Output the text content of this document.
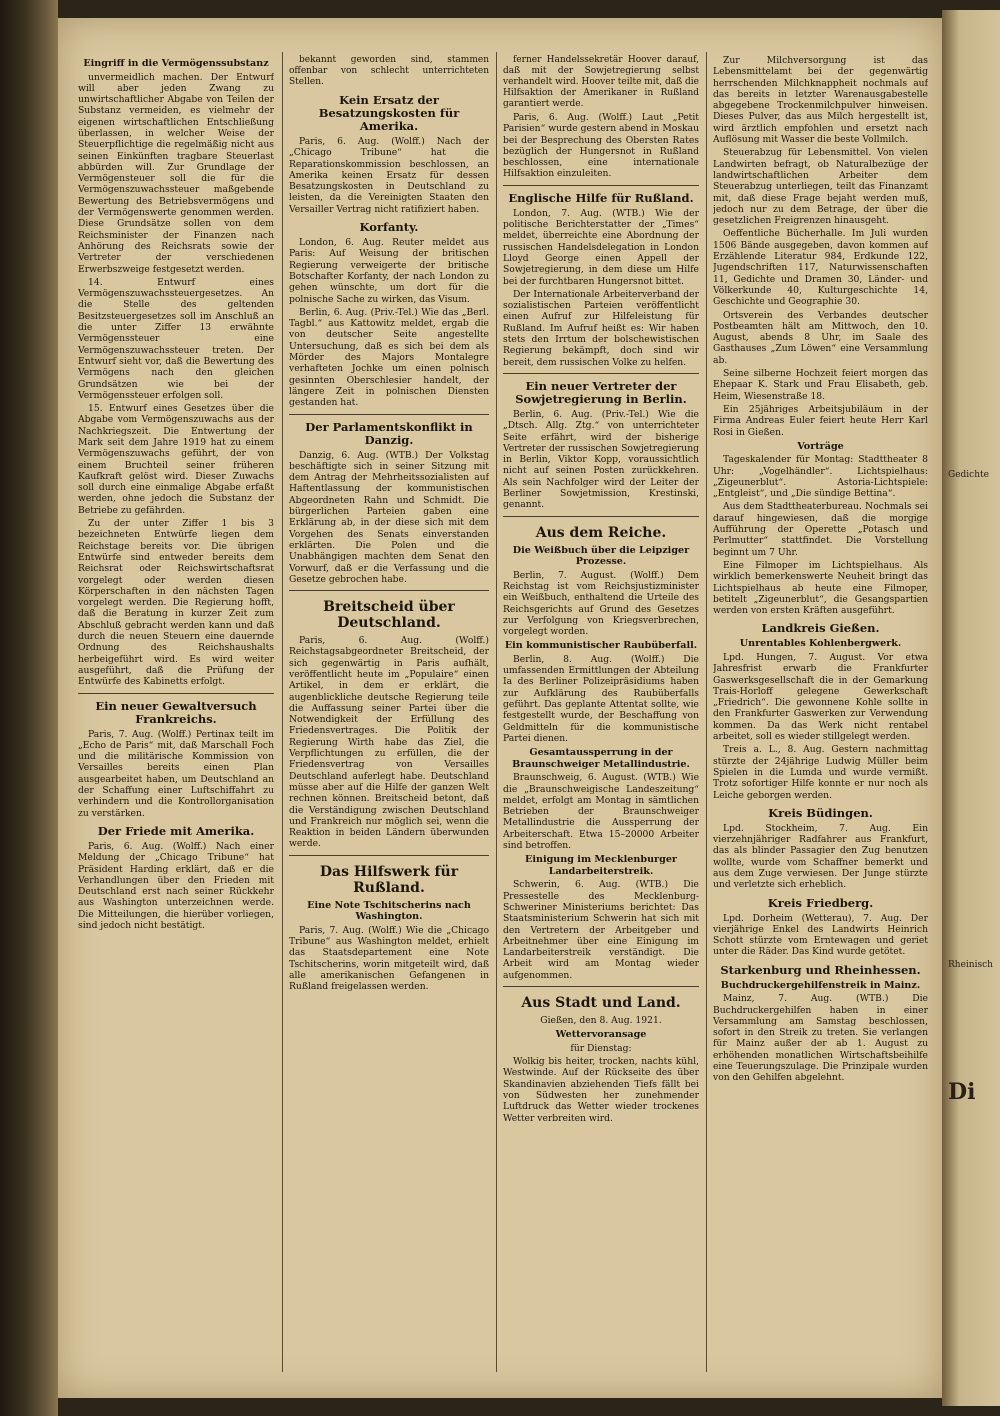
Gedichte
Di
Rheinisch
Eingriff in die Vermögenssubstanz

unvermeidlich machen. Der Entwurf will aber jeden Zwang zu unwirtschaftlicher Abgabe von Teilen der Substanz vermeiden, es vielmehr der eigenen wirtschaftlichen Entschließung überlassen, in welcher Weise der Steuerpflichtige die regelmäßig nicht aus seinen Einkünften tragbare Steuerlast abbürden will. Zur Grundlage der Vermögensteuer soll die für die Vermögenszuwachssteuer maßgebende Bewertung des Betriebsvermögens und der Vermögenswerte genommen werden. Diese Grundsätze sollen von dem Reichsminister der Finanzen nach Anhörung des Reichsrats sowie der Vertreter der verschiedenen Erwerbszweige festgesetzt werden.

14. Entwurf eines Vermögenszuwachssteuergesetzes. An die Stelle des geltenden Besitzsteuergesetzes soll im Anschluß an die unter Ziffer 13 erwähnte Vermögenssteuer eine Vermögenszuwachssteuer treten. Der Entwurf sieht vor, daß die Bewertung des Vermögens nach den gleichen Grundsätzen wie bei der Vermögenssteuer erfolgen soll.

15. Entwurf eines Gesetzes über die Abgabe vom Vermögenszuwachs aus der Nachkriegszeit. Die Entwertung der Mark seit dem Jahre 1919 hat zu einem Vermögenszuwachs geführt, der von einem Bruchteil seiner früheren Kaufkraft gelöst wird. Dieser Zuwachs soll durch eine einmalige Abgabe erfaßt werden, ohne jedoch die Substanz der Betriebe zu gefährden.

Zu der unter Ziffer 1 bis 3 bezeichneten Entwürfe liegen dem Reichstage bereits vor. Die übrigen Entwürfe sind entweder bereits dem Reichsrat oder Reichswirtschaftsrat vorgelegt oder werden diesen Körperschaften in den nächsten Tagen vorgelegt werden. Die Regierung hofft, daß die Beratung in kurzer Zeit zum Abschluß gebracht werden kann und daß durch die neuen Steuern eine dauernde Ordnung des Reichshaushalts herbeigeführt wird. Es wird weiter ausgeführt, daß die Prüfung der Entwürfe des Kabinetts erfolgt.

Ein neuer Gewaltversuch Frankreichs.

Paris, 7. Aug. (Wolff.) Pertinax teilt im „Echo de Paris“ mit, daß Marschall Foch und die militärische Kommission von Versailles bereits einen Plan ausgearbeitet haben, um Deutschland an der Schaffung einer Luftschiffahrt zu verhindern und die Kontrollorganisation zu verstärken.

Der Friede mit Amerika.

Paris, 6. Aug. (Wolff.) Nach einer Meldung der „Chicago Tribune“ hat Präsident Harding erklärt, daß er die Verhandlungen über den Frieden mit Deutschland erst nach seiner Rückkehr aus Washington unterzeichnen werde. Die Mitteilungen, die hierüber vorliegen, sind jedoch nicht bestätigt.

bekannt geworden sind, stammen offenbar von schlecht unterrichteten Stellen.

Kein Ersatz der Besatzungskosten für Amerika.

Paris, 6. Aug. (Wolff.) Nach der „Chicago Tribune“ hat die Reparationskommission beschlossen, an Amerika keinen Ersatz für dessen Besatzungskosten in Deutschland zu leisten, da die Vereinigten Staaten den Versailler Vertrag nicht ratifiziert haben.

Korfanty.

London, 6. Aug. Reuter meldet aus Paris: Auf Weisung der britischen Regierung verweigerte der britische Botschafter Korfanty, der nach London zu gehen wünschte, um dort für die polnische Sache zu wirken, das Visum.

Berlin, 6. Aug. (Priv.-Tel.) Wie das „Berl. Tagbl.“ aus Kattowitz meldet, ergab die von deutscher Seite angestellte Untersuchung, daß es sich bei dem als Mörder des Majors Montalegre verhafteten Jochke um einen polnisch gesinnten Oberschlesier handelt, der längere Zeit in polnischen Diensten gestanden hat.

Der Parlamentskonflikt in Danzig.

Danzig, 6. Aug. (WTB.) Der Volkstag beschäftigte sich in seiner Sitzung mit dem Antrag der Mehrheitssozialisten auf Haftentlassung der kommunistischen Abgeordneten Rahn und Schmidt. Die bürgerlichen Parteien gaben eine Erklärung ab, in der diese sich mit dem Vorgehen des Senats einverstanden erklärten. Die Polen und die Unabhängigen machten dem Senat den Vorwurf, daß er die Verfassung und die Gesetze gebrochen habe.

Breitscheid über Deutschland.

Paris, 6. Aug. (Wolff.) Reichstagsabgeordneter Breitscheid, der sich gegenwärtig in Paris aufhält, veröffentlicht heute im „Populaire“ einen Artikel, in dem er erklärt, die augenblickliche deutsche Regierung teile die Auffassung seiner Partei über die Notwendigkeit der Erfüllung des Friedensvertrages. Die Politik der Regierung Wirth habe das Ziel, die Verpflichtungen zu erfüllen, die der Friedensvertrag von Versailles Deutschland auferlegt habe. Deutschland müsse aber auf die Hilfe der ganzen Welt rechnen können. Breitscheid betont, daß die Verständigung zwischen Deutschland und Frankreich nur möglich sei, wenn die Reaktion in beiden Ländern überwunden werde.

Das Hilfswerk für Rußland.
Eine Note Tschitscherins nach Washington.

Paris, 7. Aug. (Wolff.) Wie die „Chicago Tribune“ aus Washington meldet, erhielt das Staatsdepartement eine Note Tschitscherins, worin mitgeteilt wird, daß alle amerikanischen Gefangenen in Rußland freigelassen werden.

ferner Handelssekretär Hoover darauf, daß mit der Sowjetregierung selbst verhandelt wird. Hoover teilte mit, daß die Hilfsaktion der Amerikaner in Rußland garantiert werde.

Paris, 6. Aug. (Wolff.) Laut „Petit Parisien“ wurde gestern abend in Moskau bei der Besprechung des Obersten Rates bezüglich der Hungersnot in Rußland beschlossen, eine internationale Hilfsaktion einzuleiten.

Englische Hilfe für Rußland.

London, 7. Aug. (WTB.) Wie der politische Berichterstatter der „Times“ meldet, überreichte eine Abordnung der russischen Handelsdelegation in London Lloyd George einen Appell der Sowjetregierung, in dem diese um Hilfe bei der furchtbaren Hungersnot bittet.

Der Internationale Arbeiterverband der sozialistischen Parteien veröffentlicht einen Aufruf zur Hilfeleistung für Rußland. Im Aufruf heißt es: Wir haben stets den Irrtum der bolschewistischen Regierung bekämpft, doch sind wir bereit, dem russischen Volke zu helfen.

Ein neuer Vertreter der Sowjetregierung in Berlin.

Berlin, 6. Aug. (Priv.-Tel.) Wie die „Dtsch. Allg. Ztg.“ von unterrichteter Seite erfährt, wird der bisherige Vertreter der russischen Sowjetregierung in Berlin, Viktor Kopp, voraussichtlich nicht auf seinen Posten zurückkehren. Als sein Nachfolger wird der Leiter der Berliner Sowjetmission, Krestinski, genannt.

Aus dem Reiche.
Die Weißbuch über die Leipziger Prozesse.

Berlin, 7. August. (Wolff.) Dem Reichstag ist vom Reichsjustizminister ein Weißbuch, enthaltend die Urteile des Reichsgerichts auf Grund des Gesetzes zur Verfolgung von Kriegsverbrechen, vorgelegt worden.

Ein kommunistischer Raubüberfall.

Berlin, 8. Aug. (Wolff.) Die umfassenden Ermittlungen der Abteilung Ia des Berliner Polizeipräsidiums haben zur Aufklärung des Raubüberfalls geführt. Das geplante Attentat sollte, wie festgestellt wurde, der Beschaffung von Geldmitteln für die kommunistische Partei dienen.

Gesamtaussperrung in der Braunschweiger Metallindustrie.

Braunschweig, 6. August. (WTB.) Wie die „Braunschweigische Landeszeitung“ meldet, erfolgt am Montag in sämtlichen Betrieben der Braunschweiger Metallindustrie die Aussperrung der Arbeiterschaft. Etwa 15–20000 Arbeiter sind betroffen.

Einigung im Mecklenburger Landarbeiterstreik.

Schwerin, 6. Aug. (WTB.) Die Pressestelle des Mecklenburg-Schweriner Ministeriums berichtet: Das Staatsministerium Schwerin hat sich mit den Vertretern der Arbeitgeber und Arbeitnehmer über eine Einigung im Landarbeiterstreik verständigt. Die Arbeit wird am Montag wieder aufgenommen.

Aus Stadt und Land.

Gießen, den 8. Aug. 1921.

Wettervoransage

für Dienstag:

Wolkig bis heiter, trocken, nachts kühl, Westwinde. Auf der Rückseite des über Skandinavien abziehenden Tiefs fällt bei von Südwesten her zunehmender Luftdruck das Wetter wieder trockenes Wetter verbreiten wird.

Zur Milchversorgung ist das Lebensmittelamt bei der gegenwärtig herrschenden Milchknappheit nochmals auf das bereits in letzter Warenausgabestelle abgegebene Trockenmilchpulver hinweisen. Dieses Pulver, das aus Milch hergestellt ist, wird ärztlich empfohlen und ersetzt nach Auflösung mit Wasser die beste Vollmilch.

Steuerabzug für Lebensmittel. Von vielen Landwirten befragt, ob Naturalbezüge der landwirtschaftlichen Arbeiter dem Steuerabzug unterliegen, teilt das Finanzamt mit, daß diese Frage bejaht werden muß, jedoch nur zu dem Betrage, der über die gesetzlichen Freigrenzen hinausgeht.

Oeffentliche Bücherhalle. Im Juli wurden 1506 Bände ausgegeben, davon kommen auf Erzählende Literatur 984, Erdkunde 122, Jugendschriften 117, Naturwissenschaften 11, Gedichte und Dramen 30, Länder- und Völkerkunde 40, Kulturgeschichte 14, Geschichte und Geographie 30.

Ortsverein des Verbandes deutscher Postbeamten hält am Mittwoch, den 10. August, abends 8 Uhr, im Saale des Gasthauses „Zum Löwen“ eine Versammlung ab.

Seine silberne Hochzeit feiert morgen das Ehepaar K. Stark und Frau Elisabeth, geb. Heim, Wiesenstraße 18.

Ein 25jähriges Arbeitsjubiläum in der Firma Andreas Euler feiert heute Herr Karl Rosi in Gießen.

Vorträge

Tageskalender für Montag: Stadttheater 8 Uhr: „Vogelhändler“. Lichtspielhaus: „Zigeunerblut“. Astoria-Lichtspiele: „Entgleist“, und „Die sündige Bettina“.

Aus dem Stadttheaterbureau. Nochmals sei darauf hingewiesen, daß die morgige Aufführung der Operette „Potasch und Perlmutter“ stattfindet. Die Vorstellung beginnt um 7 Uhr.

Eine Filmoper im Lichtspielhaus. Als wirklich bemerkenswerte Neuheit bringt das Lichtspielhaus ab heute eine Filmoper, betitelt „Zigeunerblut“, die Gesangspartien werden von ersten Kräften ausgeführt.

Landkreis Gießen.
Unrentables Kohlenbergwerk.

Lpd. Hungen, 7. August. Vor etwa Jahresfrist erwarb die Frankfurter Gaswerksgesellschaft die in der Gemarkung Trais-Horloff gelegene Gewerkschaft „Friedrich“. Die gewonnene Kohle sollte in den Frankfurter Gaswerken zur Verwendung kommen. Da das Werk nicht rentabel arbeitet, soll es wieder stillgelegt werden.

Treis a. L., 8. Aug. Gestern nachmittag stürzte der 24jährige Ludwig Müller beim Spielen in die Lumda und wurde vermißt. Trotz sofortiger Hilfe konnte er nur noch als Leiche geborgen werden.

Kreis Büdingen.

Lpd. Stockheim, 7. Aug. Ein vierzehnjähriger Radfahrer aus Frankfurt, das als blinder Passagier den Zug benutzen wollte, wurde vom Schaffner bemerkt und aus dem Zuge verwiesen. Der Junge stürzte und verletzte sich erheblich.

Kreis Friedberg.

Lpd. Dorheim (Wetterau), 7. Aug. Der vierjährige Enkel des Landwirts Heinrich Schott stürzte vom Erntewagen und geriet unter die Räder. Das Kind wurde getötet.

Starkenburg und Rheinhessen.
Buchdruckergehilfenstreik in Mainz.

Mainz, 7. Aug. (WTB.) Die Buchdruckergehilfen haben in einer Versammlung am Samstag beschlossen, sofort in den Streik zu treten. Sie verlangen für Mainz außer der ab 1. August zu erhöhenden monatlichen Wirtschaftsbeihilfe eine Teuerungszulage. Die Prinzipale wurden von den Gehilfen abgelehnt.
